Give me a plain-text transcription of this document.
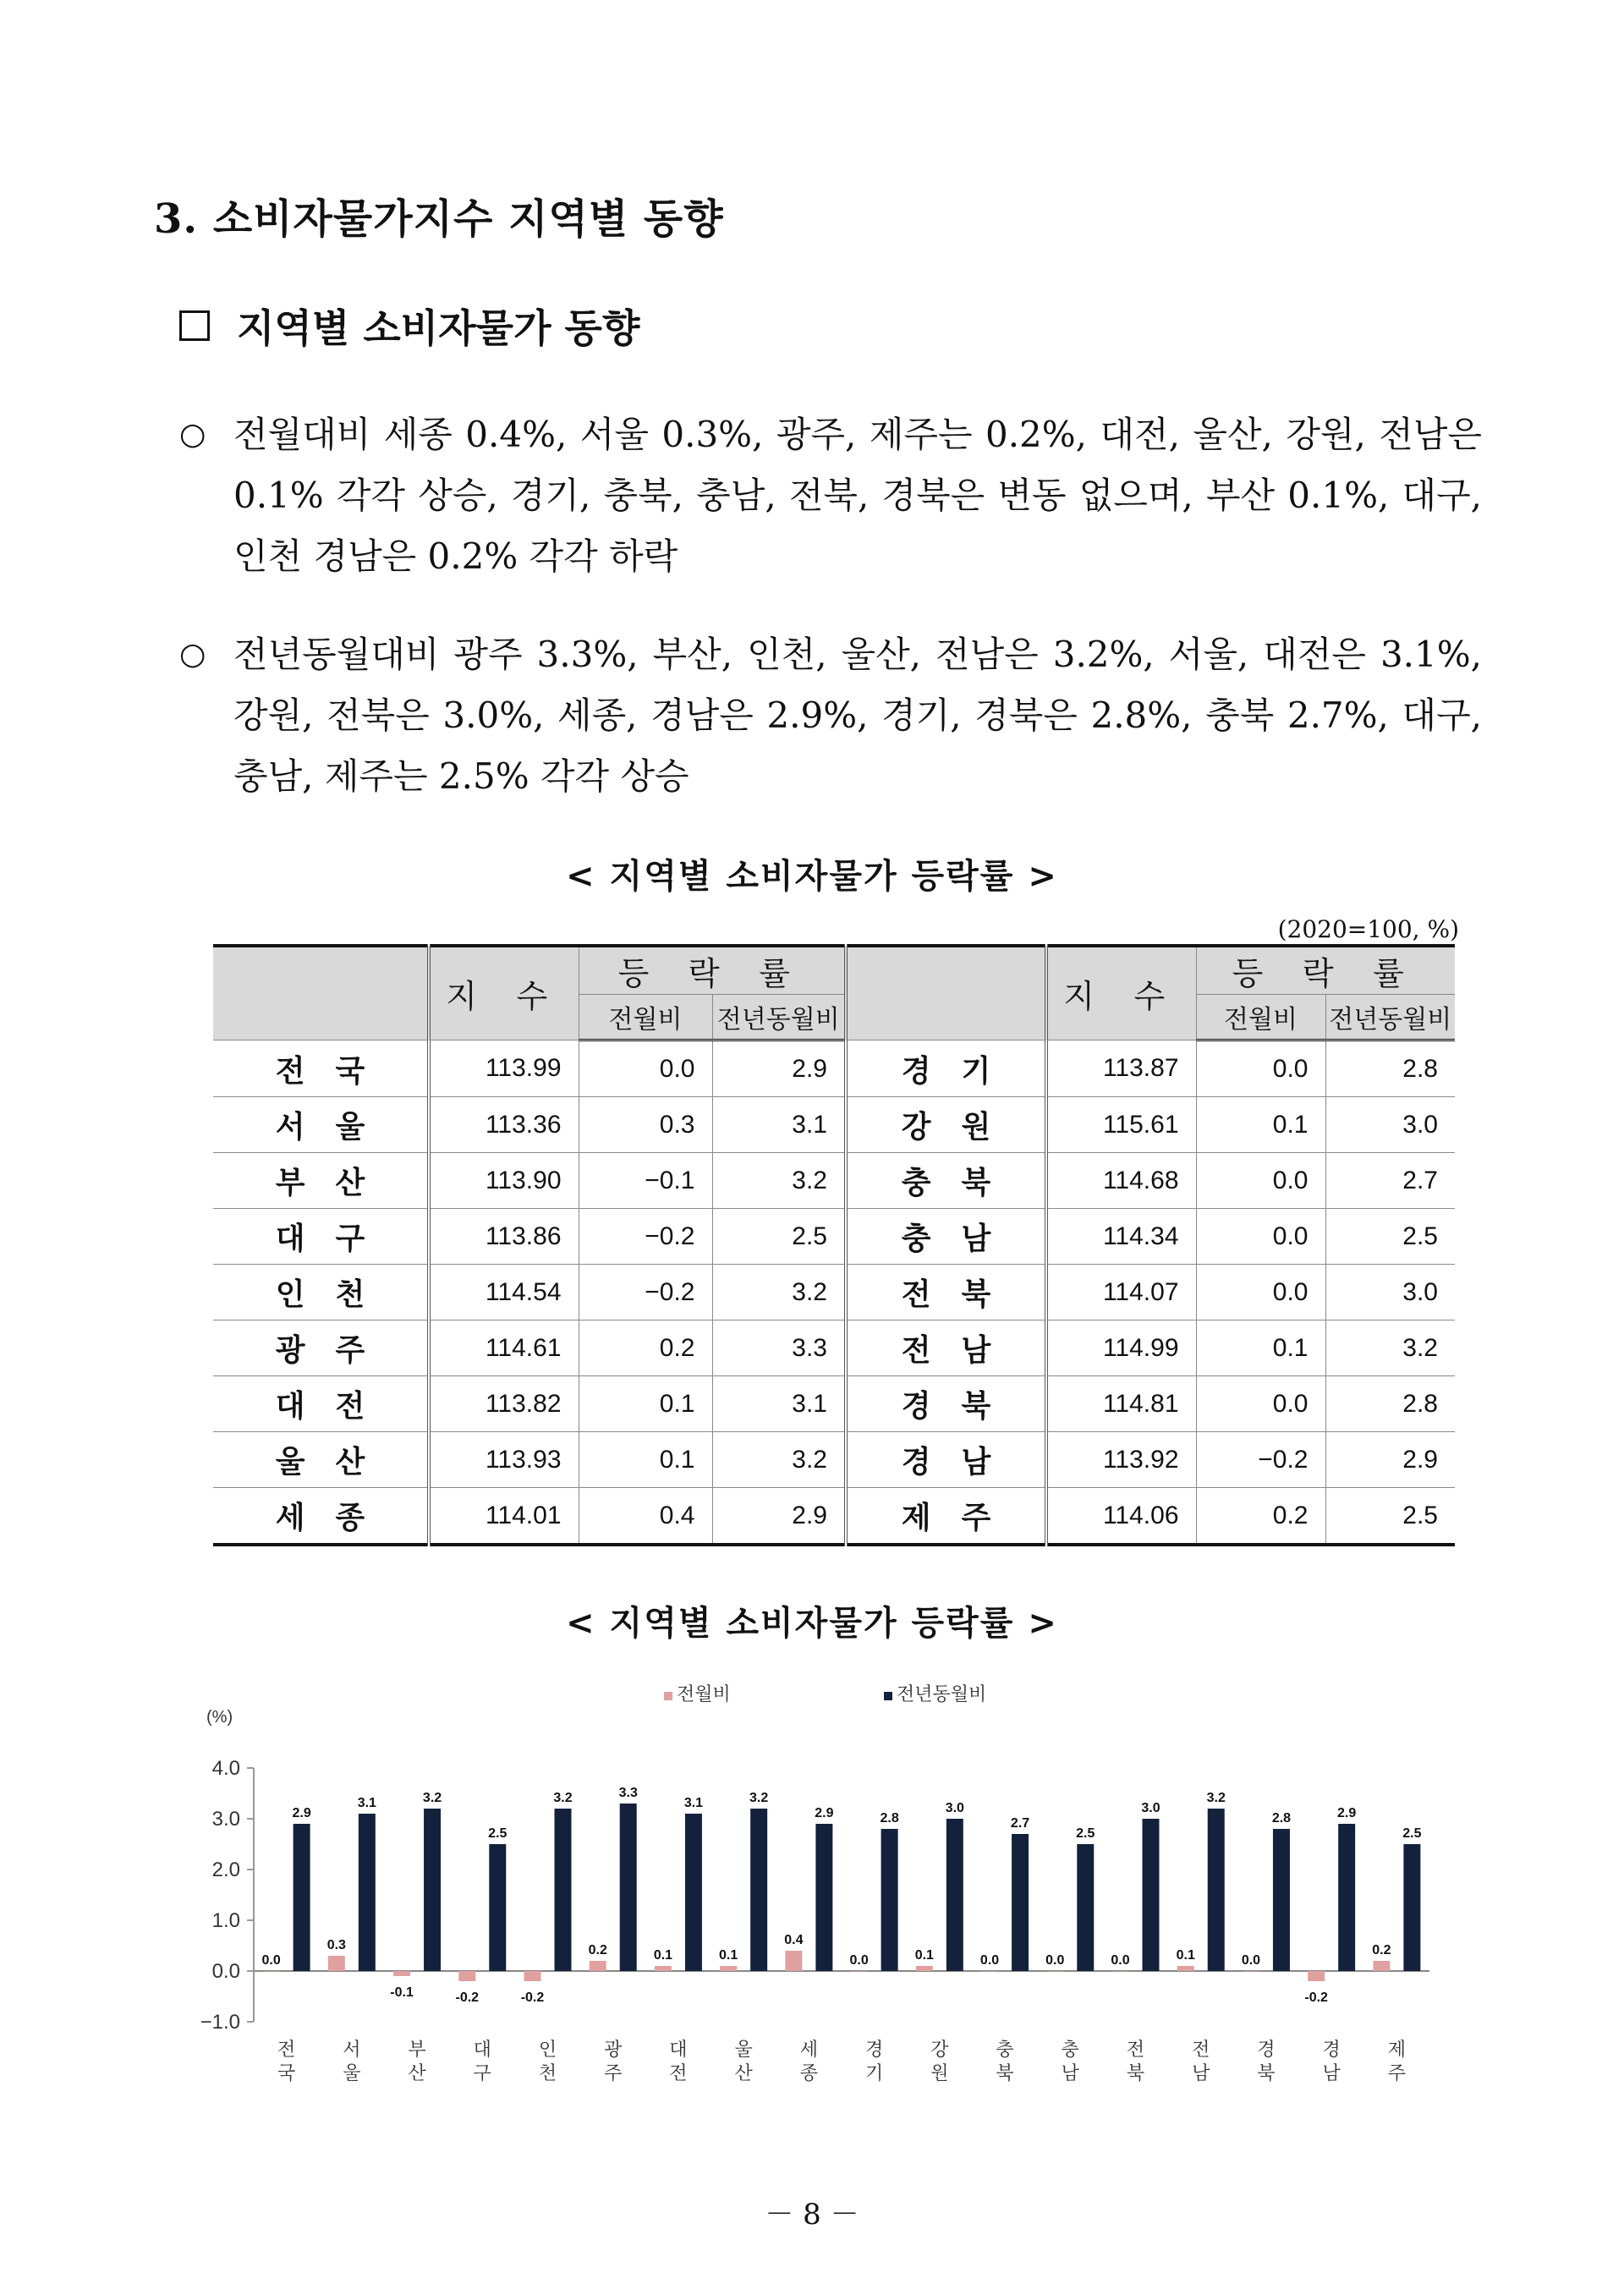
3. 소비자물가지수 지역별 동향
지역별 소비자물가 동향
○ 전월대비 세종 0.4%, 서울 0.3%, 광주, 제주는 0.2%, 대전, 울산, 강원, 전남은 0.1% 각각 상승, 경기, 충북, 충남, 전북, 경북은 변동 없으며, 부산 0.1%, 대구, 인천 경남은 0.2% 각각 하락
○ 전년동월대비 광주 3.3%, 부산, 인천, 울산, 전남은 3.2%, 서울, 대전은 3.1%, 강원, 전북은 3.0%, 세종, 경남은 2.9%, 경기, 경북은 2.8%, 충북 2.7%, 대구, 충남, 제주는 2.5% 각각 상승
< 지역별 소비자물가 등락률 >
(2020=100, %)
	지 수	등 락 률			지 수	등 락 률	
		전월비	전년동월비			전월비	전년동월비
전국	113.99	0.0	2.9	경기	113.87	0.0	2.8
서울	113.36	0.3	3.1	강원	115.61	0.1	3.0
부산	113.90	−0.1	3.2	충북	114.68	0.0	2.7
대구	113.86	−0.2	2.5	충남	114.34	0.0	2.5
인천	114.54	−0.2	3.2	전북	114.07	0.0	3.0
광주	114.61	0.2	3.3	전남	114.99	0.1	3.2
대전	113.82	0.1	3.1	경북	114.81	0.0	2.8
울산	113.93	0.1	3.2	경남	113.92	−0.2	2.9
세종	114.01	0.4	2.9	제주	114.06	0.2	2.5
< 지역별 소비자물가 등락률 >
(%)
4.0
3.0
2.0
1.0
0.0
−1.0
전월비	전년동월비
0.0
2.9
전
국
0.3
3.1
서
울
-0.1
3.2
부
산
-0.2
2.5
대
구
-0.2
3.2
인
천
0.2
3.3
광
주
0.1
3.1
대
전
0.1
3.2
울
산
0.4
2.9
세
종
0.0
2.8
경
기
0.1
3.0
강
원
0.0
2.7
충
북
0.0
2.5
충
남
0.0
3.0
전
북
0.1
3.2
전
남
0.0
2.8
경
북
-0.2
2.9
경
남
0.2
2.5
제
주
－ 8 －
